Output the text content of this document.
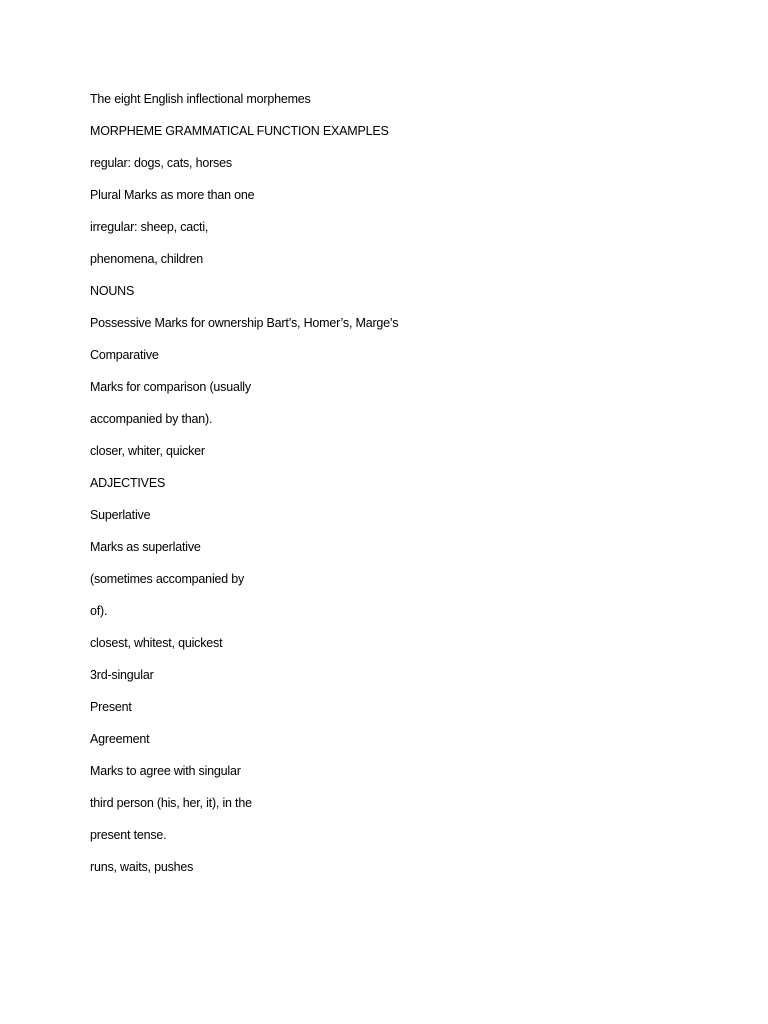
The eight English inflectional morphemes
MORPHEME GRAMMATICAL FUNCTION EXAMPLES
regular: dogs, cats, horses
Plural Marks as more than one
irregular: sheep, cacti,
phenomena, children
NOUNS
Possessive Marks for ownership Bart’s, Homer’s, Marge’s
Comparative
Marks for comparison (usually
accompanied by than).
closer, whiter, quicker
ADJECTIVES
Superlative
Marks as superlative
(sometimes accompanied by
of).
closest, whitest, quickest
3rd-singular
Present
Agreement
Marks to agree with singular
third person (his, her, it), in the
present tense.
runs, waits, pushes
